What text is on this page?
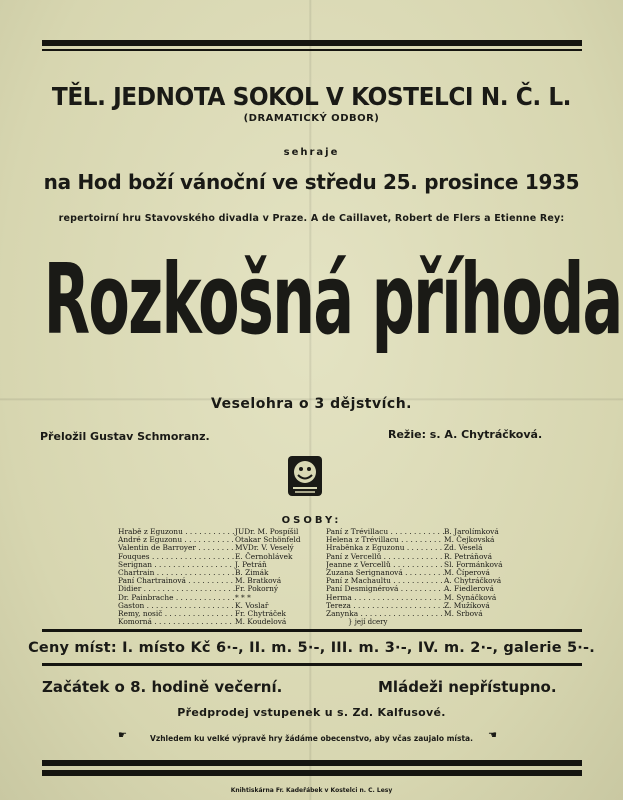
TĚL. JEDNOTA SOKOL V KOSTELCI N. Č. L.
(DRAMATICKÝ ODBOR)
sehraje
na Hod boží vánoční ve středu 25. prosince 1935
repertoirní hru Stavovského divadla v Praze. A de Caillavet, Robert de Flers a Etienne Rey:
Rozkošná příhoda
Veselohra o 3 dějstvích.
Přeložil Gustav Schmoranz.	Režie: s. A. Chytráčková.
OSOBY:
Hrabě z Eguzonu . . .	JUDr. M. Pospíšil
André z Eguzonu . . .	Otakar Schönfeld
Valentin de Barroyer . . .	MVDr. V. Veselý
Fouques . . .	E. Černohlávek
Serignan . . .	J. Petráň
Chartrain . . .	B. Zimák
Paní Chartrainová . . .	M. Bratková
Didier . . .	Fr. Pokorný
Dr. Painbrache . . .	* * *
Gaston . . .	K. Voslař
Remy, nosič . . .	Fr. Chytráček
Komorná . . .	M. Koudelová
Paní z Trévillacu . . .	B. Jarolímková
Helena z Trévillacu . . .	M. Čejkovská
Hraběnka z Eguzonu . . .	Zd. Veselá
Paní z Vercellů . . .	R. Petráňová
Jeanne z Vercellů . . .	Sl. Formánková
Zuzana Serignanová . . .	M. Číperová
Paní z Machaultu . . .	A. Chytráčková
Paní Desmignérová . . .	A. Fiedlerová
Herma . . .	M. Synáčková
Tereza . . .	Z. Mužíková
Žanynka . . .	M. Srbová
} její dcery
Ceny míst: I. místo Kč 6·-, II. m. 5·-, III. m. 3·-, IV. m. 2·-, galerie 5·-.
Začátek o 8. hodině večerní.	Mládeži nepřístupno.
Předprodej vstupenek u s. Zd. Kalfusové.
☛	Vzhledem ku velké výpravě hry žádáme obecenstvo, aby včas zaujalo místa.	☛
Knihtiskárna Fr. Kadeřábek v Kostelci n. C. Lesy
